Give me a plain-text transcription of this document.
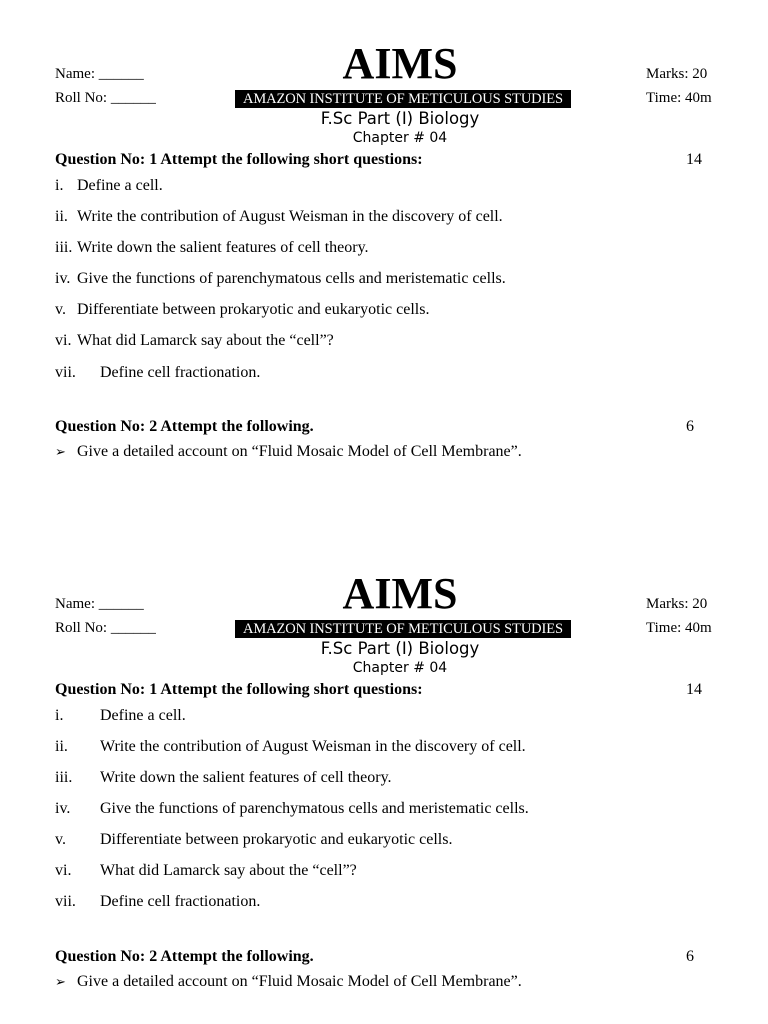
Name: ______
Roll No: ______
Marks: 20
Time: 40m
AIMS
AMAZON INSTITUTE OF METICULOUS STUDIES
F.Sc Part (I) Biology
Chapter # 04
Question No: 1 Attempt the following short questions:	14
i. Define a cell.
ii. Write the contribution of August Weisman in the discovery of cell.
iii. Write down the salient features of cell theory.
iv. Give the functions of parenchymatous cells and meristematic cells.
v. Differentiate between prokaryotic and eukaryotic cells.
vi. What did Lamarck say about the “cell”?
vii. Define cell fractionation.
Question No: 2 Attempt the following.	6
➢ Give a detailed account on “Fluid Mosaic Model of Cell Membrane”.
Name: ______
Roll No: ______
Marks: 20
Time: 40m
AIMS
AMAZON INSTITUTE OF METICULOUS STUDIES
F.Sc Part (I) Biology
Chapter # 04
Question No: 1 Attempt the following short questions:	14
i. Define a cell.
ii. Write the contribution of August Weisman in the discovery of cell.
iii. Write down the salient features of cell theory.
iv. Give the functions of parenchymatous cells and meristematic cells.
v. Differentiate between prokaryotic and eukaryotic cells.
vi. What did Lamarck say about the “cell”?
vii. Define cell fractionation.
Question No: 2 Attempt the following.	6
➢ Give a detailed account on “Fluid Mosaic Model of Cell Membrane”.
